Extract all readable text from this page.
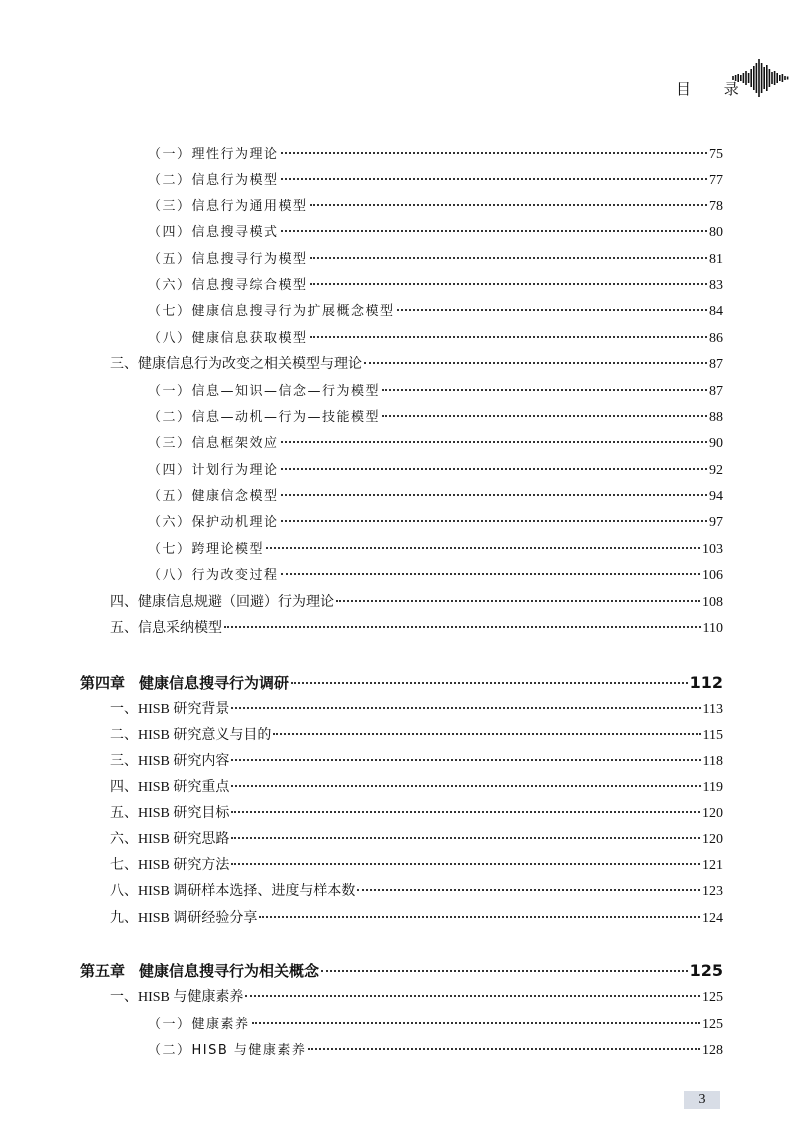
目 录
（一）理性行为理论	75
（二）信息行为模型	77
（三）信息行为通用模型	78
（四）信息搜寻模式	80
（五）信息搜寻行为模型	81
（六）信息搜寻综合模型	83
（七）健康信息搜寻行为扩展概念模型	84
（八）健康信息获取模型	86
三、健康信息行为改变之相关模型与理论	87
（一）信息—知识—信念—行为模型	87
（二）信息—动机—行为—技能模型	88
（三）信息框架效应	90
（四）计划行为理论	92
（五）健康信念模型	94
（六）保护动机理论	97
（七）跨理论模型	103
（八）行为改变过程	106
四、健康信息规避（回避）行为理论	108
五、信息采纳模型	110
第四章 健康信息搜寻行为调研	112
一、HISB 研究背景	113
二、HISB 研究意义与目的	115
三、HISB 研究内容	118
四、HISB 研究重点	119
五、HISB 研究目标	120
六、HISB 研究思路	120
七、HISB 研究方法	121
八、HISB 调研样本选择、进度与样本数	123
九、HISB 调研经验分享	124
第五章 健康信息搜寻行为相关概念	125
一、HISB 与健康素养	125
（一）健康素养	125
（二）HISB 与健康素养	128
3
